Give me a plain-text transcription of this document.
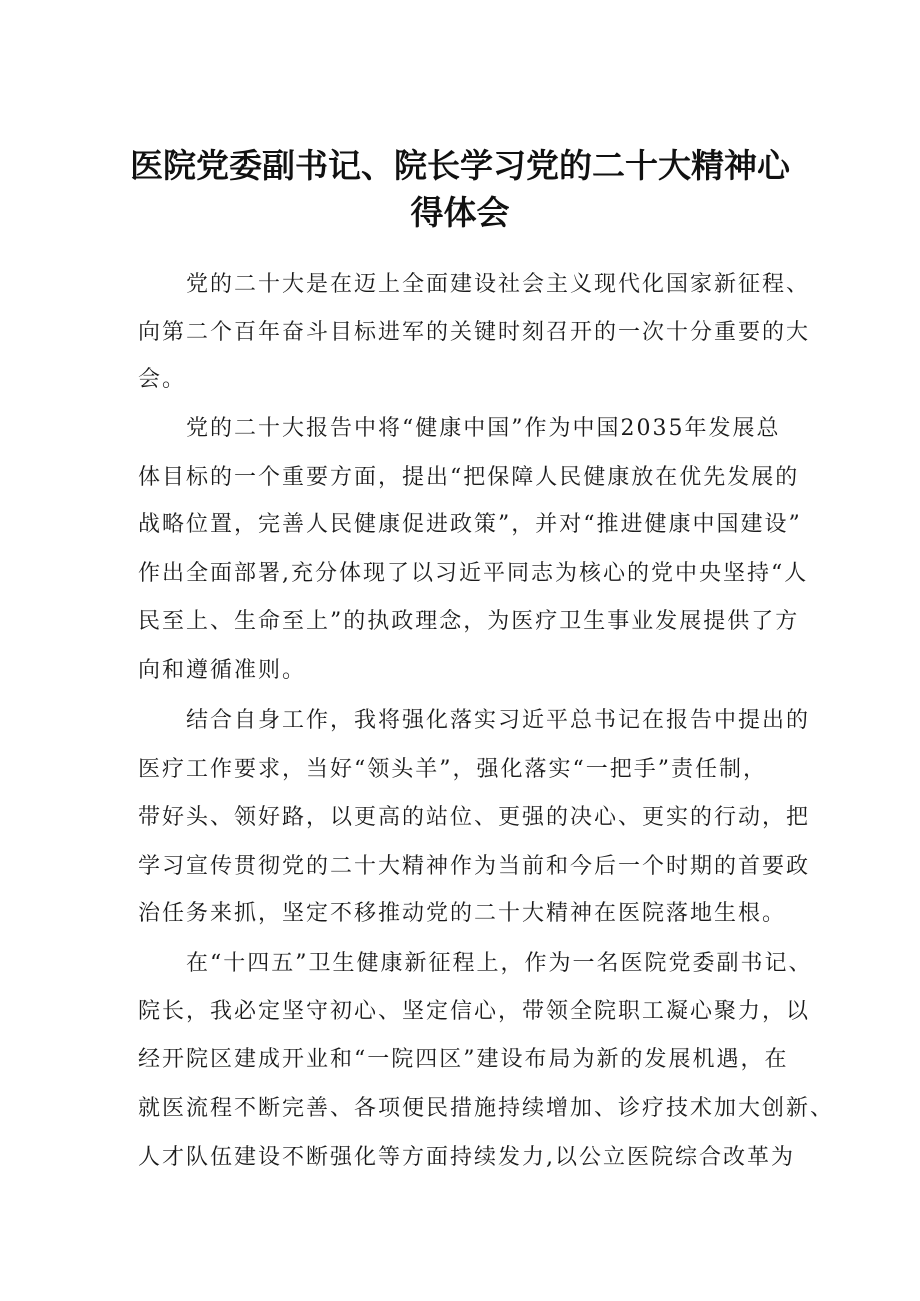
医院党委副书记、院长学习党的二十大精神心
得体会
党的二十大是在迈上全面建设社会主义现代化国家新征程、
向第二个百年奋斗目标进军的关键时刻召开的一次十分重要的大
会。
党的二十大报告中将“健康中国”作为中国2035年发展总
体目标的一个重要方面，提出“把保障人民健康放在优先发展的
战略位置，完善人民健康促进政策”，并对“推进健康中国建设”
作出全面部署,充分体现了以习近平同志为核心的党中央坚持“人
民至上、生命至上”的执政理念，为医疗卫生事业发展提供了方
向和遵循准则。
结合自身工作，我将强化落实习近平总书记在报告中提出的
医疗工作要求，当好“领头羊”，强化落实“一把手”责任制，
带好头、领好路，以更高的站位、更强的决心、更实的行动，把
学习宣传贯彻党的二十大精神作为当前和今后一个时期的首要政
治任务来抓，坚定不移推动党的二十大精神在医院落地生根。
在“十四五”卫生健康新征程上，作为一名医院党委副书记、
院长，我必定坚守初心、坚定信心，带领全院职工凝心聚力，以
经开院区建成开业和“一院四区”建设布局为新的发展机遇，在
就医流程不断完善、各项便民措施持续增加、诊疗技术加大创新、
人才队伍建设不断强化等方面持续发力,以公立医院综合改革为
